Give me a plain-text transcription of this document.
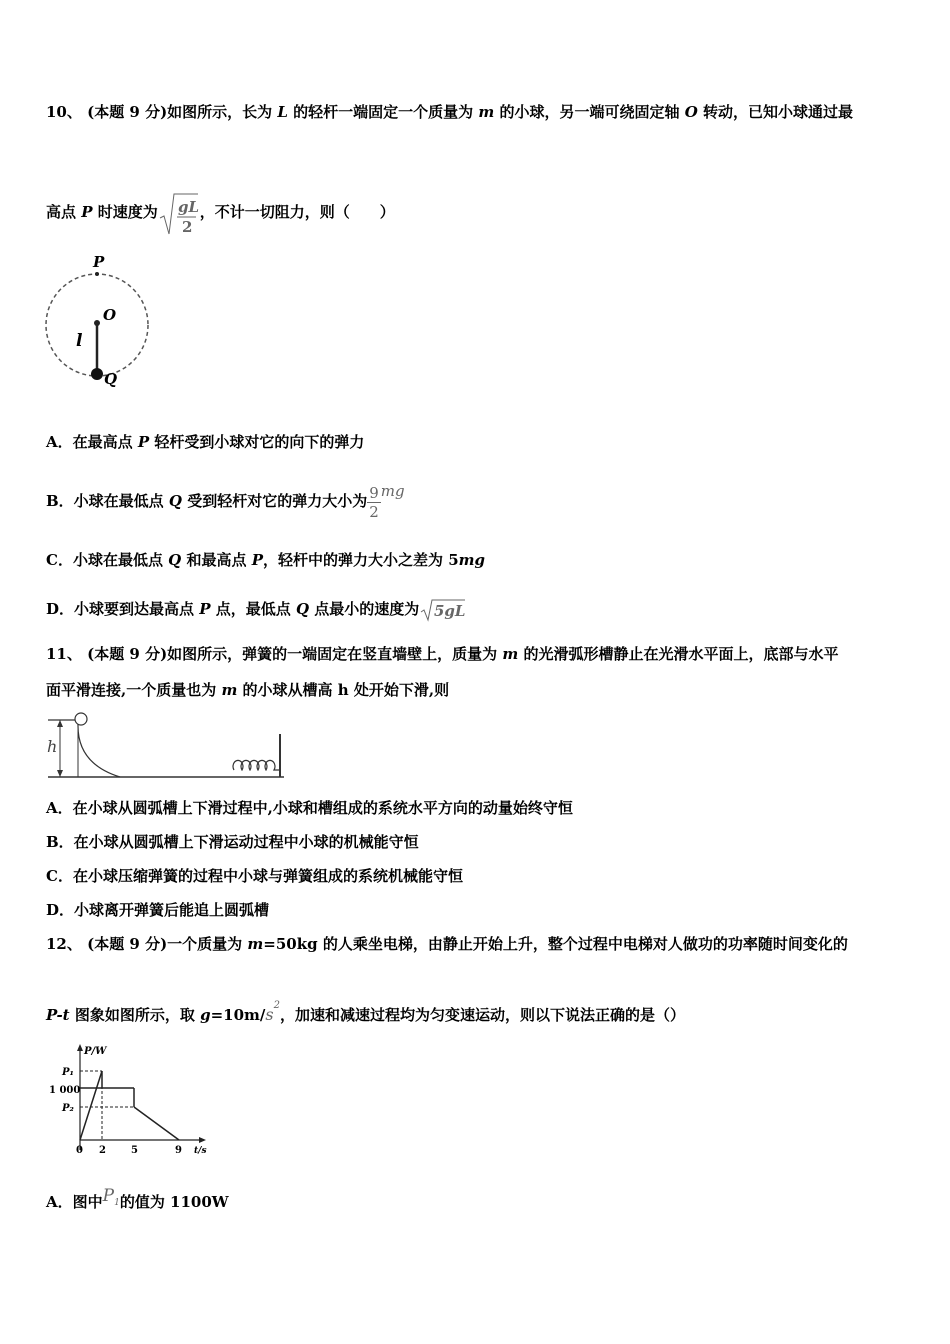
10、 (本题 9 分)如图所示，长为 L 的轻杆一端固定一个质量为 m 的小球，另一端可绕固定轴 O 转动，已知小球通过最
高点 P 时速度为 gL
2
，不计一切阻力，则（　　）
P
O
l
Q
A．在最高点 P 轻杆受到小球对它的向下的弹力
B．小球在最低点 Q 受到轻杆对它的弹力大小为 $\frac{9}{2}$ mg
C．小球在最低点 Q 和最高点 P，轻杆中的弹力大小之差为 5mg
D．小球要到达最高点 P 点，最低点 Q 点最小的速度为 5gL
11、 (本题 9 分)如图所示，弹簧的一端固定在竖直墙壁上，质量为 m 的光滑弧形槽静止在光滑水平面上，底部与水平
面平滑连接,一个质量也为 m 的小球从槽高 h 处开始下滑,则
h
A．在小球从圆弧槽上下滑过程中,小球和槽组成的系统水平方向的动量始终守恒
B．在小球从圆弧槽上下滑运动过程中小球的机械能守恒
C．在小球压缩弹簧的过程中小球与弹簧组成的系统机械能守恒
D．小球离开弹簧后能追上圆弧槽
12、 (本题 9 分)一个质量为 m=50kg 的人乘坐电梯，由静止开始上升，整个过程中电梯对人做功的功率随时间变化的
P-t 图象如图所示，取 $g=10m/s^2$，加速和减速过程均为匀变速运动，则以下说法正确的是（）
P/W
t/s
P₁
1 000
P₂
0 2	5	9
A．图中P1的值为 1100W
